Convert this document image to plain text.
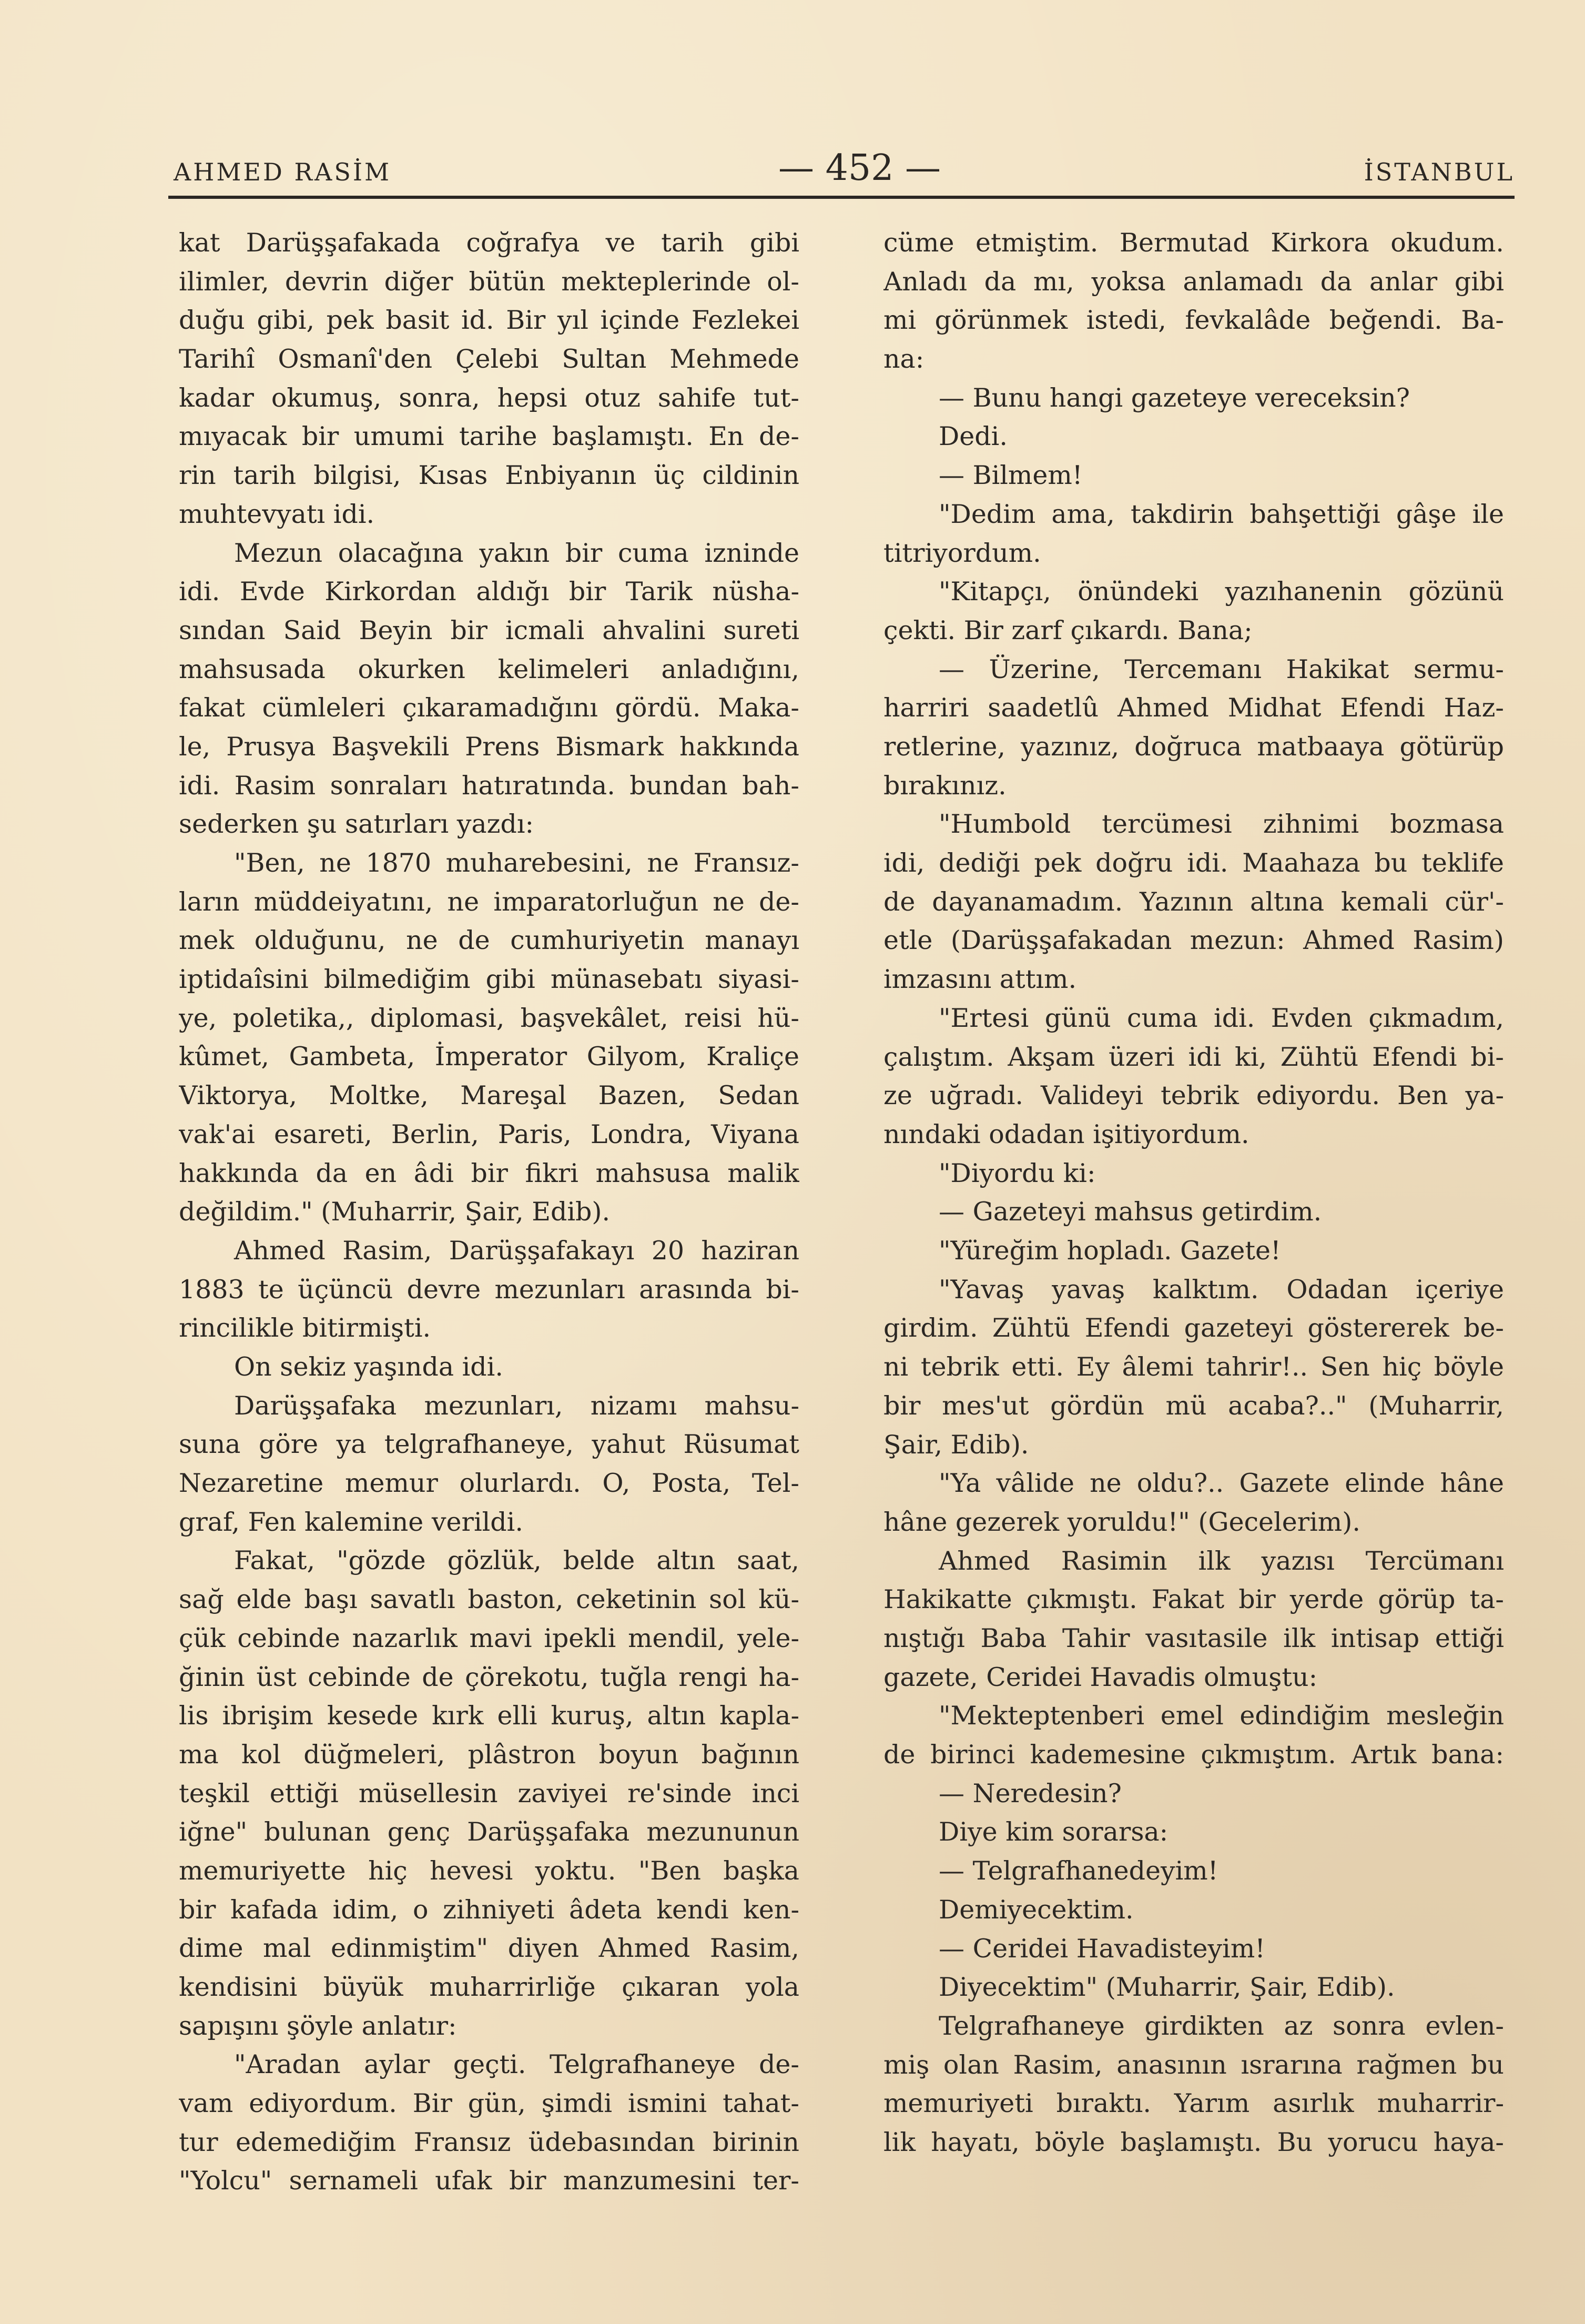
AHMED RASİM	— 452 —	İSTANBUL
kat Darüşşafakada coğrafya ve tarih gibi
ilimler, devrin diğer bütün mekteplerinde ol-
duğu gibi, pek basit id. Bir yıl içinde Fezlekei
Tarihî Osmanî'den Çelebi Sultan Mehmede
kadar okumuş, sonra, hepsi otuz sahife tut-
mıyacak bir umumi tarihe başlamıştı. En de-
rin tarih bilgisi, Kısas Enbiyanın üç cildinin
muhtevyatı idi.
Mezun olacağına yakın bir cuma izninde
idi. Evde Kirkordan aldığı bir Tarik nüsha-
sından Said Beyin bir icmali ahvalini sureti
mahsusada okurken kelimeleri anladığını,
fakat cümleleri çıkaramadığını gördü. Maka-
le, Prusya Başvekili Prens Bismark hakkında
idi. Rasim sonraları hatıratında. bundan bah-
sederken şu satırları yazdı:
"Ben, ne 1870 muharebesini, ne Fransız-
ların müddeiyatını, ne imparatorluğun ne de-
mek olduğunu, ne de cumhuriyetin manayı
iptidaîsini bilmediğim gibi münasebatı siyasi-
ye, poletika,, diplomasi, başvekâlet, reisi hü-
kûmet, Gambeta, İmperator Gilyom, Kraliçe
Viktorya, Moltke, Mareşal Bazen, Sedan
vak'ai esareti, Berlin, Paris, Londra, Viyana
hakkında da en âdi bir fikri mahsusa malik
değildim." (Muharrir, Şair, Edib).
Ahmed Rasim, Darüşşafakayı 20 haziran
1883 te üçüncü devre mezunları arasında bi-
rincilikle bitirmişti.
On sekiz yaşında idi.
Darüşşafaka mezunları, nizamı mahsu-
suna göre ya telgrafhaneye, yahut Rüsumat
Nezaretine memur olurlardı. O, Posta, Tel-
graf, Fen kalemine verildi.
Fakat, "gözde gözlük, belde altın saat,
sağ elde başı savatlı baston, ceketinin sol kü-
çük cebinde nazarlık mavi ipekli mendil, yele-
ğinin üst cebinde de çörekotu, tuğla rengi ha-
lis ibrişim kesede kırk elli kuruş, altın kapla-
ma kol düğmeleri, plâstron boyun bağının
teşkil ettiği müsellesin zaviyei re'sinde inci
iğne" bulunan genç Darüşşafaka mezununun
memuriyette hiç hevesi yoktu. "Ben başka
bir kafada idim, o zihniyeti âdeta kendi ken-
dime mal edinmiştim" diyen Ahmed Rasim,
kendisini büyük muharrirliğe çıkaran yola
sapışını şöyle anlatır:
"Aradan aylar geçti. Telgrafhaneye de-
vam ediyordum. Bir gün, şimdi ismini tahat-
tur edemediğim Fransız üdebasından birinin
"Yolcu" sernameli ufak bir manzumesini ter-
cüme etmiştim. Bermutad Kirkora okudum.
Anladı da mı, yoksa anlamadı da anlar gibi
mi görünmek istedi, fevkalâde beğendi. Ba-
na:
— Bunu hangi gazeteye vereceksin?
Dedi.
— Bilmem!
"Dedim ama, takdirin bahşettiği gâşe ile
titriyordum.
"Kitapçı, önündeki yazıhanenin gözünü
çekti. Bir zarf çıkardı. Bana;
— Üzerine, Tercemanı Hakikat sermu-
harriri saadetlû Ahmed Midhat Efendi Haz-
retlerine, yazınız, doğruca matbaaya götürüp
bırakınız.
"Humbold tercümesi zihnimi bozmasa
idi, dediği pek doğru idi. Maahaza bu teklife
de dayanamadım. Yazının altına kemali cür'-
etle (Darüşşafakadan mezun: Ahmed Rasim)
imzasını attım.
"Ertesi günü cuma idi. Evden çıkmadım,
çalıştım. Akşam üzeri idi ki, Zühtü Efendi bi-
ze uğradı. Valideyi tebrik ediyordu. Ben ya-
nındaki odadan işitiyordum.
"Diyordu ki:
— Gazeteyi mahsus getirdim.
"Yüreğim hopladı. Gazete!
"Yavaş yavaş kalktım. Odadan içeriye
girdim. Zühtü Efendi gazeteyi göstererek be-
ni tebrik etti. Ey âlemi tahrir!.. Sen hiç böyle
bir mes'ut gördün mü acaba?.." (Muharrir,
Şair, Edib).
"Ya vâlide ne oldu?.. Gazete elinde hâne
hâne gezerek yoruldu!" (Gecelerim).
Ahmed Rasimin ilk yazısı Tercümanı
Hakikatte çıkmıştı. Fakat bir yerde görüp ta-
nıştığı Baba Tahir vasıtasile ilk intisap ettiği
gazete, Ceridei Havadis olmuştu:
"Mekteptenberi emel edindiğim mesleğin
de birinci kademesine çıkmıştım. Artık bana:
— Neredesin?
Diye kim sorarsa:
— Telgrafhanedeyim!
Demiyecektim.
— Ceridei Havadisteyim!
Diyecektim" (Muharrir, Şair, Edib).
Telgrafhaneye girdikten az sonra evlen-
miş olan Rasim, anasının ısrarına rağmen bu
memuriyeti bıraktı. Yarım asırlık muharrir-
lik hayatı, böyle başlamıştı. Bu yorucu haya-
